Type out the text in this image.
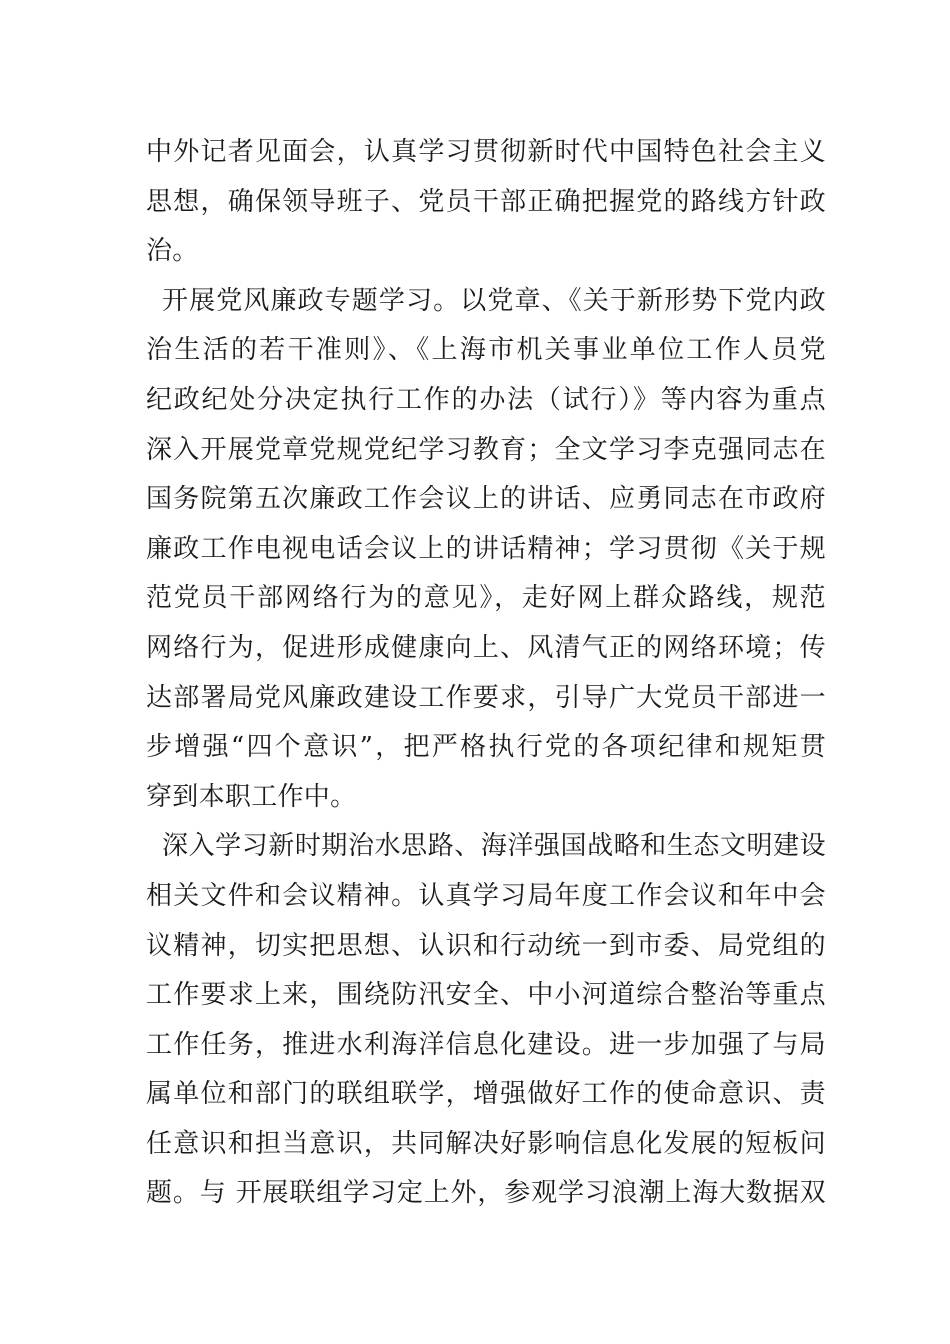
中外记者见面会，认真学习贯彻新时代中国特色社会主义
思想，确保领导班子、党员干部正确把握党的路线方针政
治。
开展党风廉政专题学习。以党章、《关于新形势下党内政
治生活的若干准则》、《上海市机关事业单位工作人员党
纪政纪处分决定执行工作的办法（试行）》等内容为重点
深入开展党章党规党纪学习教育；全文学习李克强同志在
国务院第五次廉政工作会议上的讲话、应勇同志在市政府
廉政工作电视电话会议上的讲话精神；学习贯彻《关于规
范党员干部网络行为的意见》，走好网上群众路线，规范
网络行为，促进形成健康向上、风清气正的网络环境；传
达部署局党风廉政建设工作要求，引导广大党员干部进一
步增强“四个意识”，把严格执行党的各项纪律和规矩贯
穿到本职工作中。
深入学习新时期治水思路、海洋强国战略和生态文明建设
相关文件和会议精神。认真学习局年度工作会议和年中会
议精神，切实把思想、认识和行动统一到市委、局党组的
工作要求上来，围绕防汛安全、中小河道综合整治等重点
工作任务，推进水利海洋信息化建设。进一步加强了与局
属单位和部门的联组联学，增强做好工作的使命意识、责
任意识和担当意识，共同解决好影响信息化发展的短板问
题。与 开展联组学习定上外，参观学习浪潮上海大数据双
